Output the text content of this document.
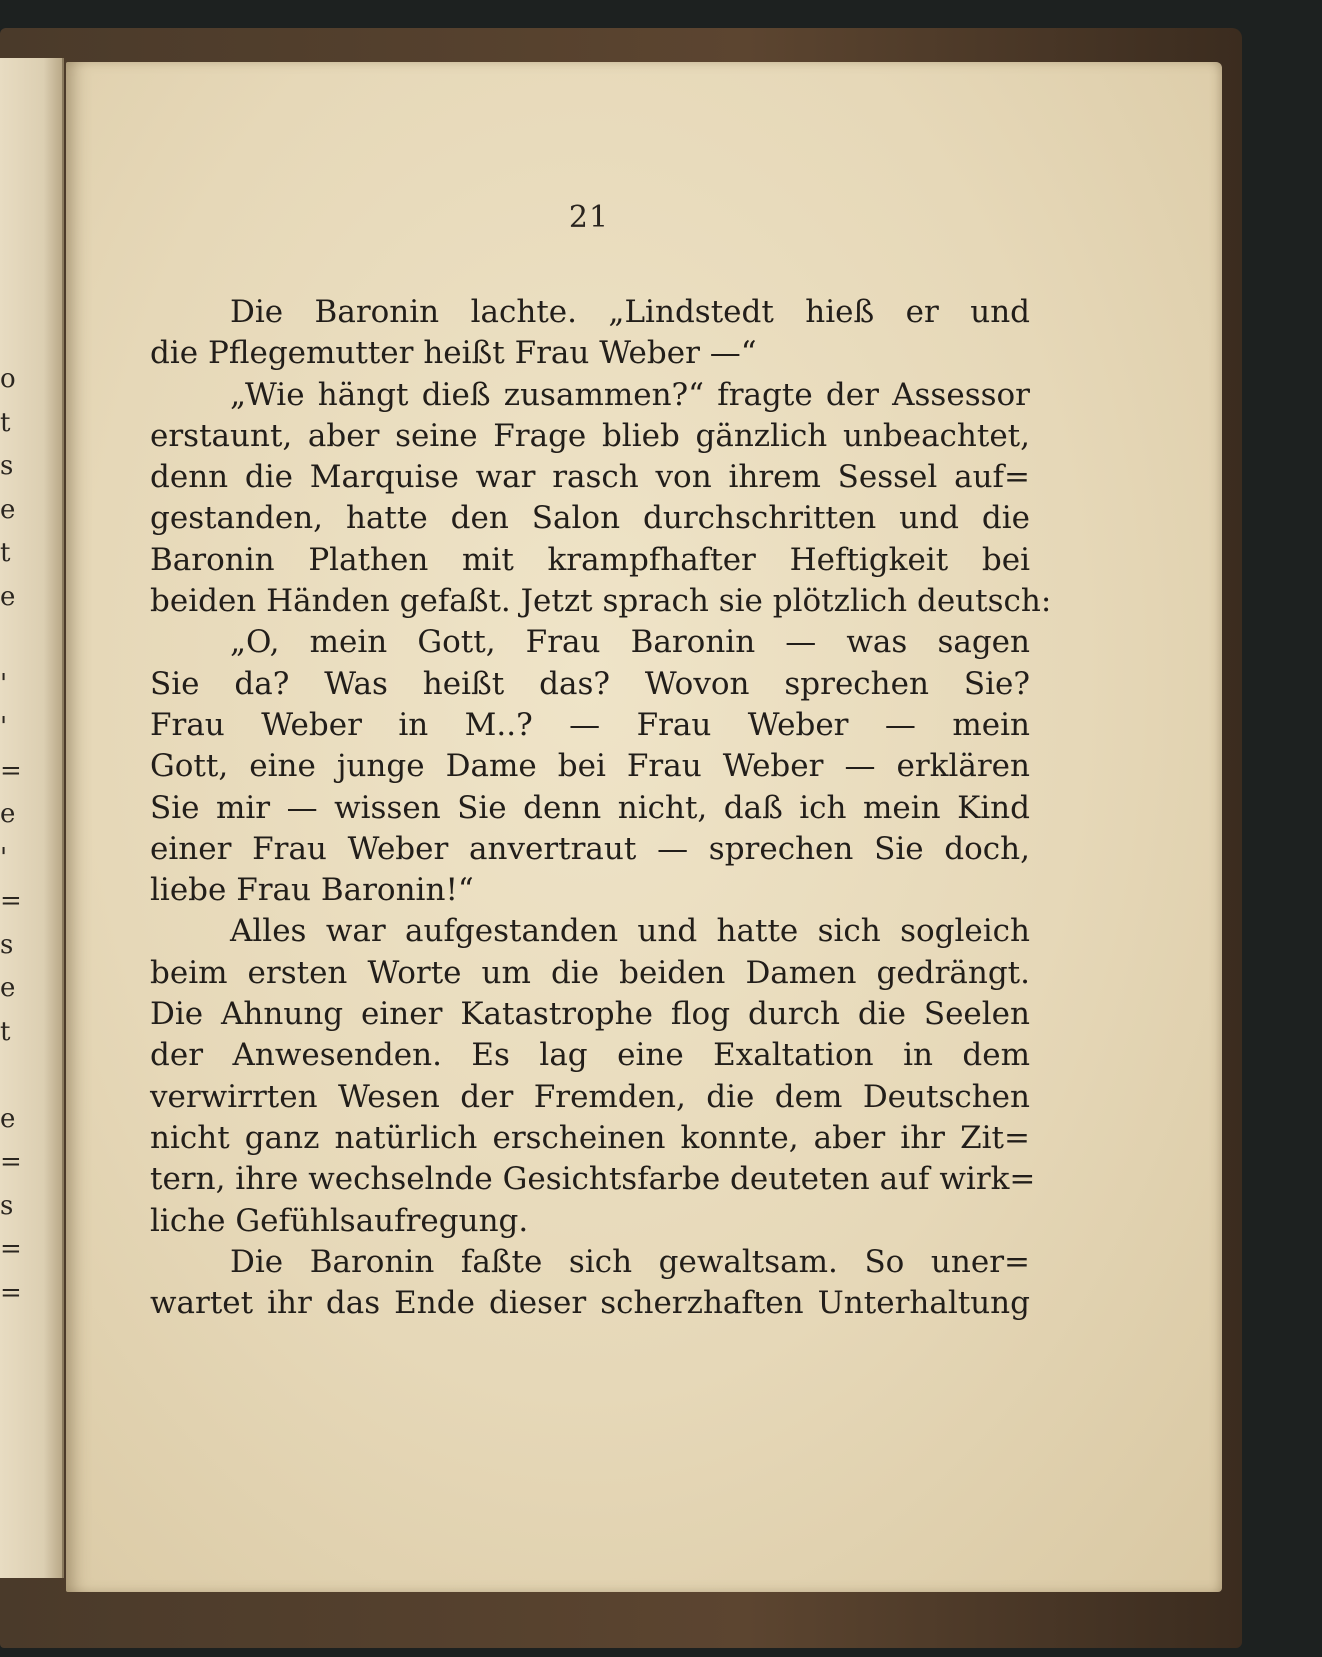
o
t
s
e
t
e
'
'
=
e
'
=
s
e
t
e
=
s
=
=
21
Die Baronin lachte. „Lindstedt hieß er und
die Pflegemutter heißt Frau Weber —“
„Wie hängt dieß zusammen?“ fragte der Assessor
erstaunt, aber seine Frage blieb gänzlich unbeachtet,
denn die Marquise war rasch von ihrem Sessel auf=
gestanden, hatte den Salon durchschritten und die
Baronin Plathen mit krampfhafter Heftigkeit bei
beiden Händen gefaßt. Jetzt sprach sie plötzlich deutsch:
„O, mein Gott, Frau Baronin — was sagen
Sie da? Was heißt das? Wovon sprechen Sie?
Frau Weber in M..? — Frau Weber — mein
Gott, eine junge Dame bei Frau Weber — erklären
Sie mir — wissen Sie denn nicht, daß ich mein Kind
einer Frau Weber anvertraut — sprechen Sie doch,
liebe Frau Baronin!“
Alles war aufgestanden und hatte sich sogleich
beim ersten Worte um die beiden Damen gedrängt.
Die Ahnung einer Katastrophe flog durch die Seelen
der Anwesenden. Es lag eine Exaltation in dem
verwirrten Wesen der Fremden, die dem Deutschen
nicht ganz natürlich erscheinen konnte, aber ihr Zit=
tern, ihre wechselnde Gesichtsfarbe deuteten auf wirk=
liche Gefühlsaufregung.
Die Baronin faßte sich gewaltsam. So uner=
wartet ihr das Ende dieser scherzhaften Unterhaltung
